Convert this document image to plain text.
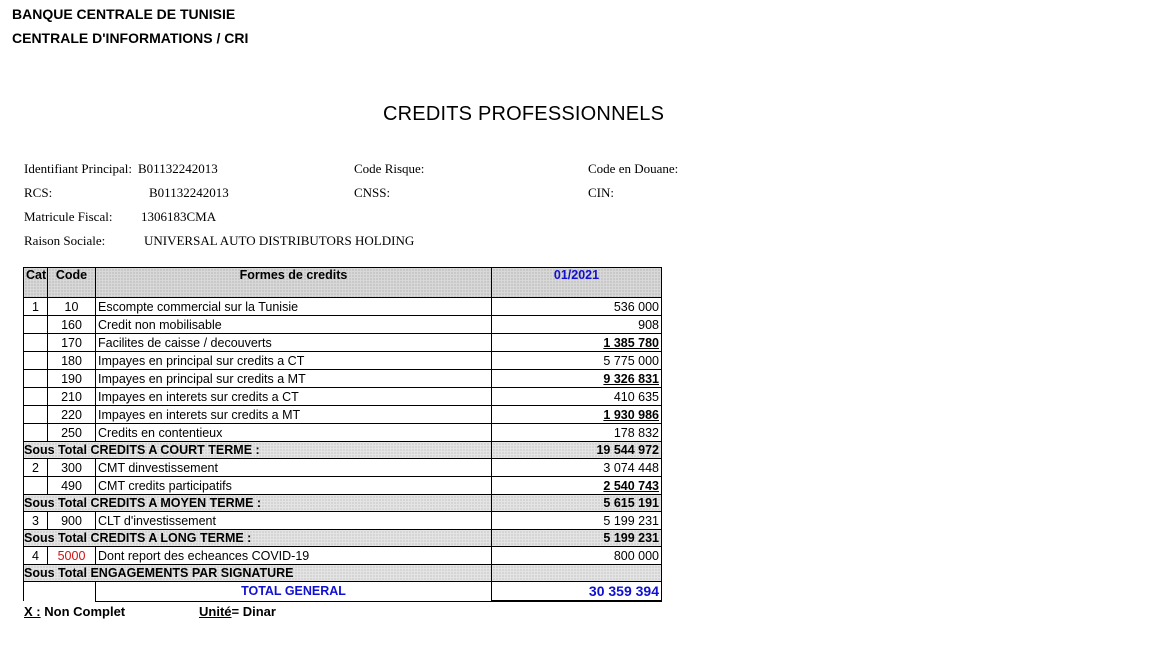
BANQUE CENTRALE DE TUNISIE
CENTRALE D'INFORMATIONS / CRI
CREDITS PROFESSIONNELS
Identifiant Principal: B01132242013	Code Risque:	Code en Douane:
RCS:	B01132242013	CNSS:	CIN:
Matricule Fiscal: 1306183CMA
Raison Sociale:	UNIVERSAL AUTO DISTRIBUTORS HOLDING
Cat	Code	Formes de credits	01/2021
1	10	Escompte commercial sur la Tunisie	536 000
	160	Credit non mobilisable	908
	170	Facilites de caisse / decouverts	1 385 780
	180	Impayes en principal sur credits a CT	5 775 000
	190	Impayes en principal sur credits a MT	9 326 831
	210	Impayes en interets sur credits a CT	410 635
	220	Impayes en interets sur credits a MT	1 930 986
	250	Credits en contentieux	178 832
Sous Total CREDITS A COURT TERME :			19 544 972
2	300	CMT dinvestissement	3 074 448
	490	CMT credits participatifs	2 540 743
Sous Total CREDITS A MOYEN TERME :			5 615 191
3	900	CLT d'investissement	5 199 231
Sous Total CREDITS A LONG TERME :			5 199 231
4	5000	Dont report des echeances COVID-19	800 000
Sous Total ENGAGEMENTS PAR SIGNATURE			
		TOTAL GENERAL	30 359 394
X : Non Complet	Unité= Dinar
